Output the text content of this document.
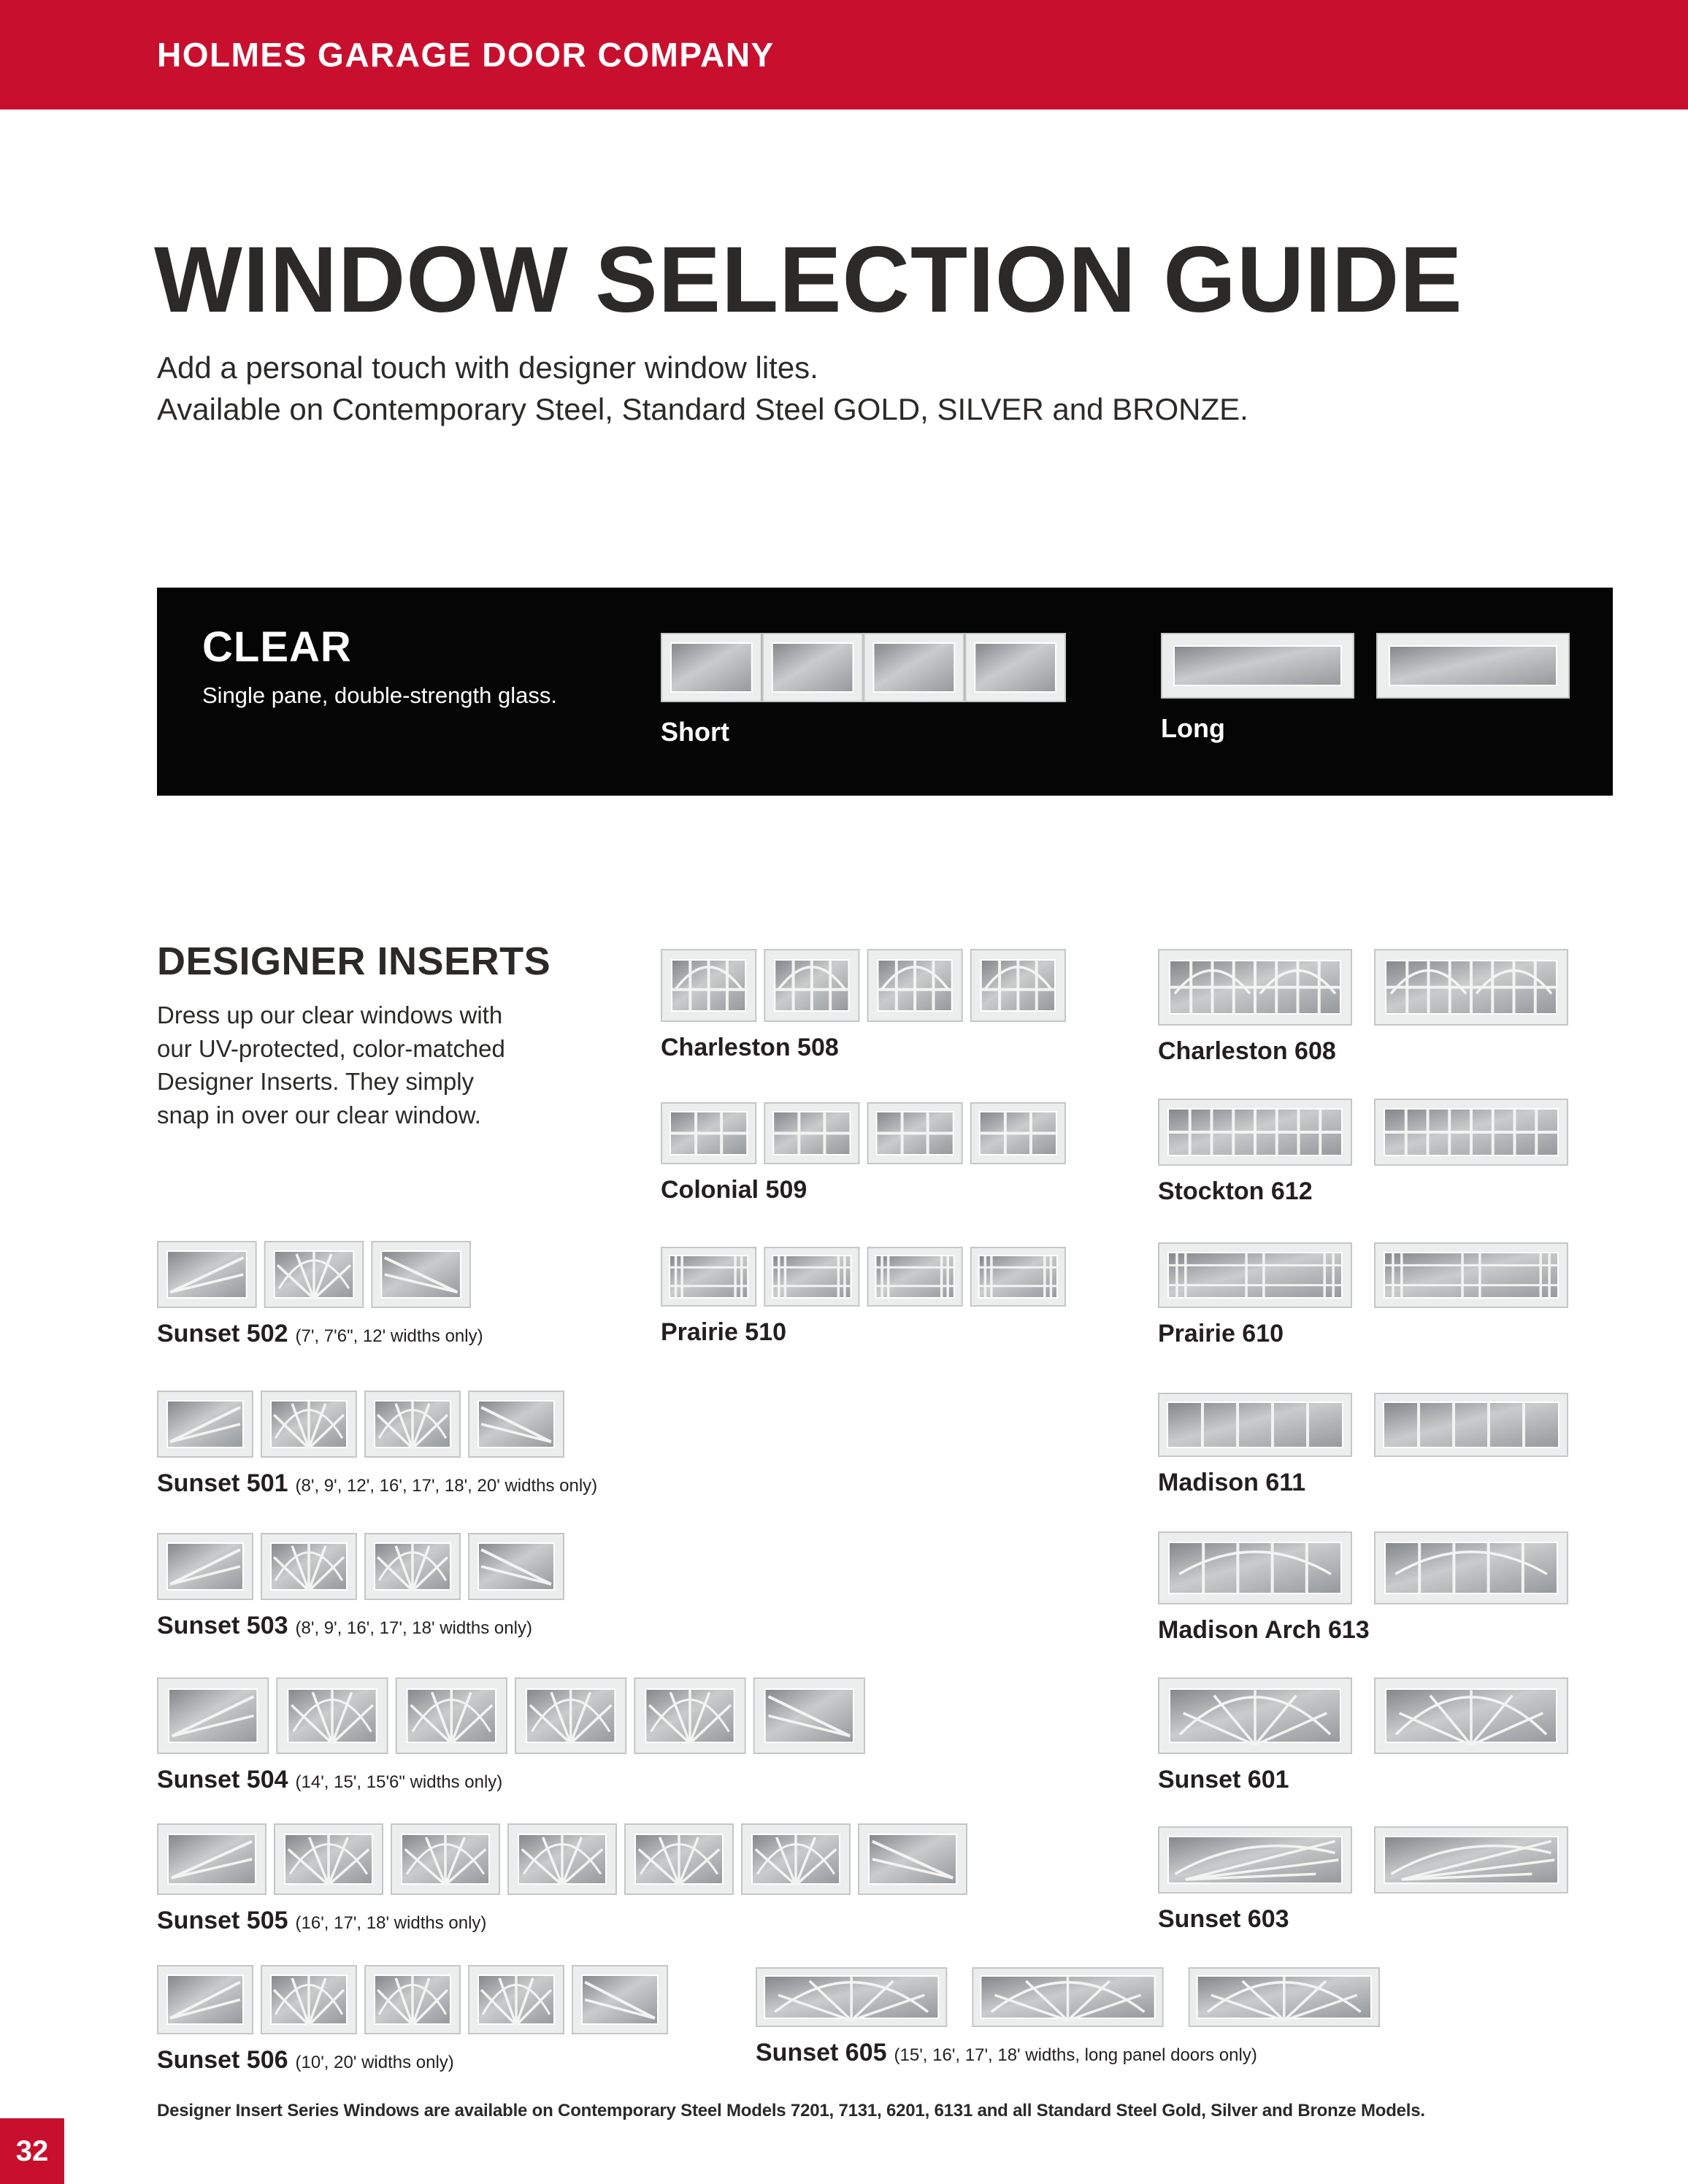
HOLMES GARAGE DOOR COMPANY
WINDOW SELECTION GUIDE
Add a personal touch with designer window lites.
Available on Contemporary Steel, Standard Steel GOLD, SILVER and BRONZE.
CLEAR

Single pane, double-strength glass.

Short	Long
DESIGNER INSERTS

Dress up our clear windows with our UV-protected, color-matched Designer Inserts. They simply snap in over our clear window.

Charleston 508	Charleston 608
Colonial 509	Stockton 612
Sunset 502 (7', 7'6", 12' widths only)	Prairie 510	Prairie 610
Sunset 501 (8', 9', 12', 16', 17', 18', 20' widths only)	Madison 611
Sunset 503 (8', 9', 16', 17', 18' widths only)	Madison Arch 613
Sunset 504 (14', 15', 15'6" widths only)	Sunset 601
Sunset 505 (16', 17', 18' widths only)	Sunset 603
Sunset 506 (10', 20' widths only)	Sunset 605 (15', 16', 17', 18' widths, long panel doors only)

Designer Insert Series Windows are available on Contemporary Steel Models 7201, 7131, 6201, 6131 and all Standard Steel Gold, Silver and Bronze Models.

32
